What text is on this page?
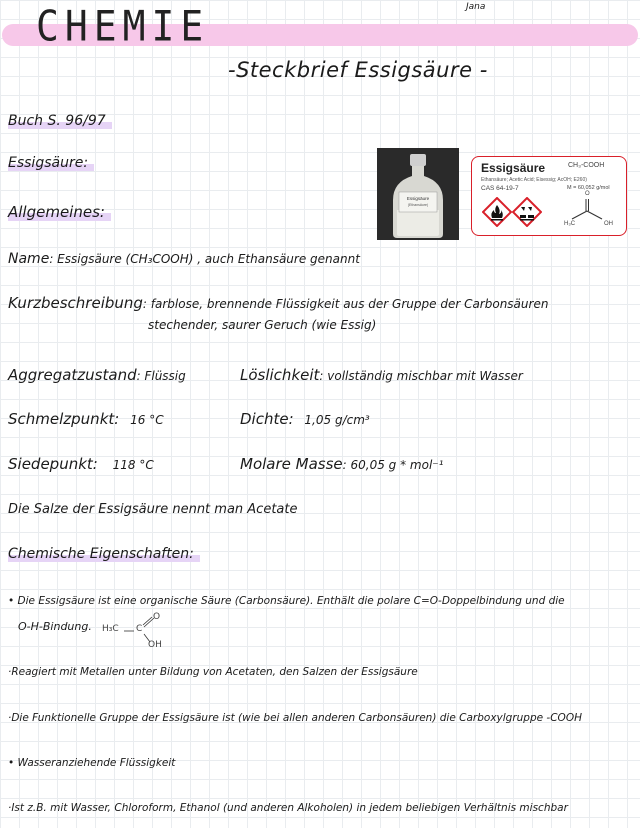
CHEMIE	Jana
-Steckbrief Essigsäure -
Buch S. 96/97
Essigsäure:
Allgemeines:
Essigsäure
(Ethansäure)
Essigsäure	CH₃-COOH
Ethansäure; Acetic Acid; Eisessig; AcOH; E260)
CAS 64-19-7	M = 60,052 g/mol
H₃C	OH
O
Name: Essigsäure (CH₃COOH) , auch Ethansäure genannt
Kurzbeschreibung: farblose, brennende Flüssigkeit aus der Gruppe der Carbonsäuren
stechender, saurer Geruch (wie Essig)
Aggregatzustand: Flüssig	Löslichkeit: vollständig mischbar mit Wasser
Schmelzpunkt: 16 °C	Dichte: 1,05 g/cm³
Siedepunkt: 118 °C	Molare Masse: 60,05 g * mol⁻¹
Die Salze der Essigsäure nennt man Acetate
Chemische Eigenschaften:
• Die Essigsäure ist eine organische Säure (Carbonsäure). Enthält die polare C=O-Doppelbindung und die
O-H-Bindung. H₃C C
O
OH
·Reagiert mit Metallen unter Bildung von Acetaten, den Salzen der Essigsäure
·Die Funktionelle Gruppe der Essigsäure ist (wie bei allen anderen Carbonsäuren) die Carboxylgruppe -COOH
• Wasseranziehende Flüssigkeit
·Ist z.B. mit Wasser, Chloroform, Ethanol (und anderen Alkoholen) in jedem beliebigen Verhältnis mischbar
